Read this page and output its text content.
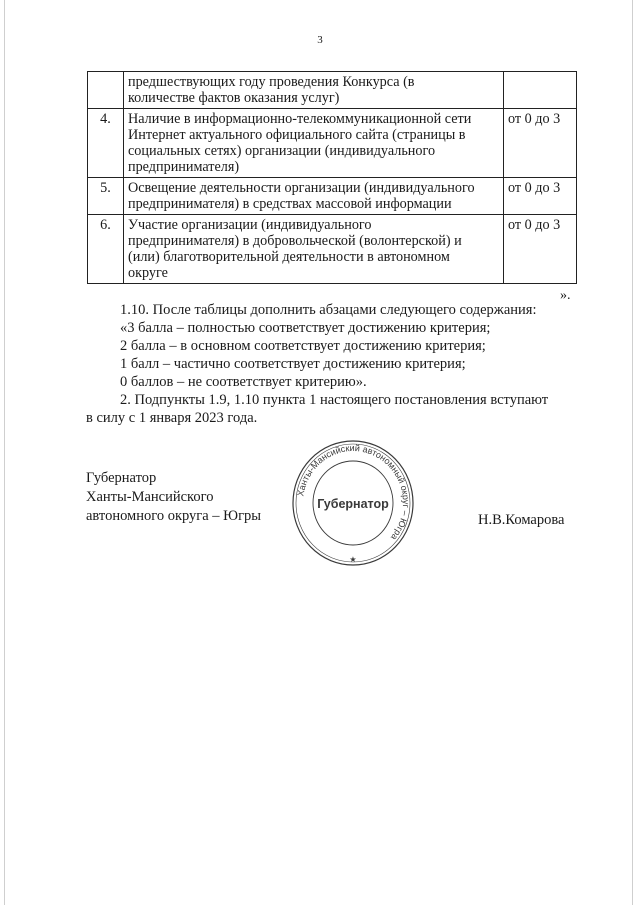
3

	предшествующих году проведения Конкурса (в
количестве фактов оказания услуг)	

4.	Наличие в информационно-телекоммуникационной сети
Интернет актуального официального сайта (страницы в
социальных сетях) организации (индивидуального
предпринимателя)	от 0 до 3
5.	Освещение деятельности организации (индивидуального
предпринимателя) в средствах массовой информации	от 0 до 3
6.	Участие организации (индивидуального
предпринимателя) в добровольческой (волонтерской) и
(или) благотворительной деятельности в автономном
округе	от 0 до 3
».
1.10. После таблицы дополнить абзацами следующего содержания:
«3 балла – полностью соответствует достижению критерия;
2 балла – в основном соответствует достижению критерия;
1 балл – частично соответствует достижению критерия;
0 баллов – не соответствует критерию».
2. Подпункты 1.9, 1.10 пункта 1 настоящего постановления вступают
в силу с 1 января 2023 года.
Губернатор
Ханты-Мансийского
автономного округа – Югры
Ханты-Мансийский автономный округ – Югра
Губернатор
★
Н.В.Комарова
